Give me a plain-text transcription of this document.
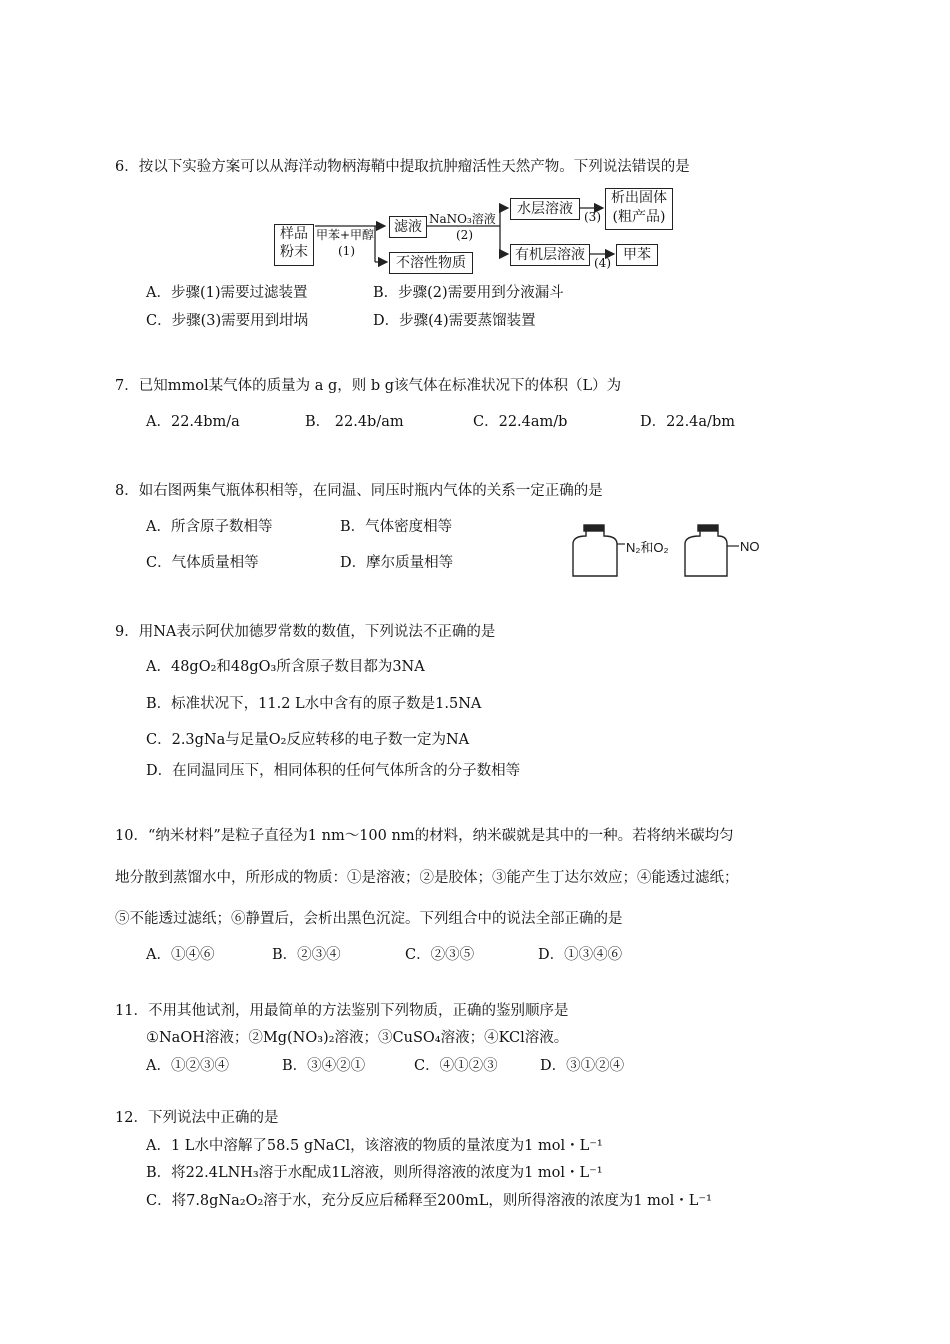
6．按以下实验方案可以从海洋动物柄海鞘中提取抗肿瘤活性天然产物。下列说法错误的是
样品粉末
甲苯+甲醇
(1)
滤液
不溶性物质
NaNO₃溶液
(2)
水层溶液
有机层溶液
(3)
(4)
析出固体(粗产品)
甲苯
A．步骤(1)需要过滤装置	B．步骤(2)需要用到分液漏斗
C．步骤(3)需要用到坩埚	D．步骤(4)需要蒸馏装置
7．已知mmol某气体的质量为 a g，则 b g该气体在标准状况下的体积（L）为
A．22.4bm/a	B． 22.4b/am	C．22.4am/b	D．22.4a/bm
8．如右图两集气瓶体积相等，在同温、同压时瓶内气体的关系一定正确的是
A．所含原子数相等	B．气体密度相等
C．气体质量相等	D．摩尔质量相等
N₂和O₂	NO
9．用NA表示阿伏加德罗常数的数值，下列说法不正确的是
A．48gO₂和48gO₃所含原子数目都为3NA
B．标准状况下，11.2 L水中含有的原子数是1.5NA
C．2.3gNa与足量O₂反应转移的电子数一定为NA
D．在同温同压下，相同体积的任何气体所含的分子数相等
10．“纳米材料”是粒子直径为1 nm～100 nm的材料，纳米碳就是其中的一种。若将纳米碳均匀
地分散到蒸馏水中，所形成的物质：①是溶液；②是胶体；③能产生丁达尔效应；④能透过滤纸；
⑤不能透过滤纸；⑥静置后，会析出黑色沉淀。下列组合中的说法全部正确的是
A．①④⑥	B．②③④	C．②③⑤	D．①③④⑥
11．不用其他试剂，用最简单的方法鉴别下列物质，正确的鉴别顺序是
①NaOH溶液；②Mg(NO₃)₂溶液；③CuSO₄溶液；④KCl溶液。
A．①②③④	B．③④②①	C．④①②③	D．③①②④
12．下列说法中正确的是
A．1 L水中溶解了58.5 gNaCl，该溶液的物质的量浓度为1 mol・L⁻¹
B．将22.4LNH₃溶于水配成1L溶液，则所得溶液的浓度为1 mol・L⁻¹
C．将7.8gNa₂O₂溶于水，充分反应后稀释至200mL，则所得溶液的浓度为1 mol・L⁻¹
